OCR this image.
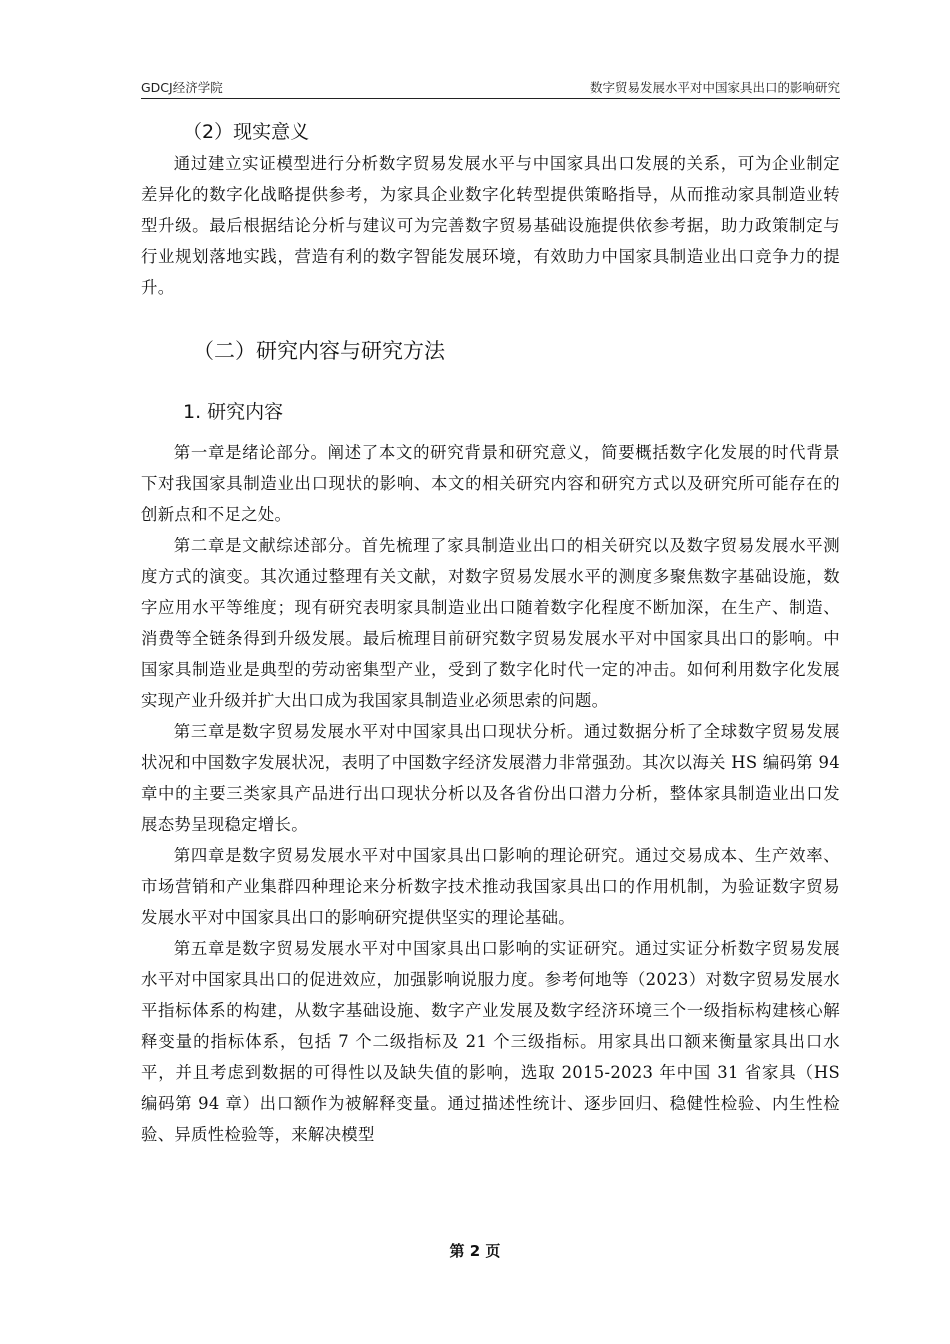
GDCJ经济学院	数字贸易发展水平对中国家具出口的影响研究
（2）现实意义

通过建立实证模型进行分析数字贸易发展水平与中国家具出口发展的关系，可为企业制定差异化的数字化战略提供参考，为家具企业数字化转型提供策略指导，从而推动家具制造业转型升级。最后根据结论分析与建议可为完善数字贸易基础设施提供依参考据，助力政策制定与行业规划落地实践，营造有利的数字智能发展环境，有效助力中国家具制造业出口竞争力的提升。

（二）研究内容与研究方法
1. 研究内容

第一章是绪论部分。阐述了本文的研究背景和研究意义，简要概括数字化发展的时代背景下对我国家具制造业出口现状的影响、本文的相关研究内容和研究方式以及研究所可能存在的创新点和不足之处。

第二章是文献综述部分。首先梳理了家具制造业出口的相关研究以及数字贸易发展水平测度方式的演变。其次通过整理有关文献，对数字贸易发展水平的测度多聚焦数字基础设施，数字应用水平等维度；现有研究表明家具制造业出口随着数字化程度不断加深，在生产、制造、消费等全链条得到升级发展。最后梳理目前研究数字贸易发展水平对中国家具出口的影响。中国家具制造业是典型的劳动密集型产业，受到了数字化时代一定的冲击。如何利用数字化发展实现产业升级并扩大出口成为我国家具制造业必须思索的问题。

第三章是数字贸易发展水平对中国家具出口现状分析。通过数据分析了全球数字贸易发展状况和中国数字发展状况，表明了中国数字经济发展潜力非常强劲。其次以海关 HS 编码第 94 章中的主要三类家具产品进行出口现状分析以及各省份出口潜力分析，整体家具制造业出口发展态势呈现稳定增长。

第四章是数字贸易发展水平对中国家具出口影响的理论研究。通过交易成本、生产效率、市场营销和产业集群四种理论来分析数字技术推动我国家具出口的作用机制，为验证数字贸易发展水平对中国家具出口的影响研究提供坚实的理论基础。

第五章是数字贸易发展水平对中国家具出口影响的实证研究。通过实证分析数字贸易发展水平对中国家具出口的促进效应，加强影响说服力度。参考何地等（2023）对数字贸易发展水平指标体系的构建，从数字基础设施、数字产业发展及数字经济环境三个一级指标构建核心解释变量的指标体系，包括 7 个二级指标及 21 个三级指标。用家具出口额来衡量家具出口水平，并且考虑到数据的可得性以及缺失值的影响，选取 2015-2023 年中国 31 省家具（HS 编码第 94 章）出口额作为被解释变量。通过描述性统计、逐步回归、稳健性检验、内生性检验、异质性检验等，来解决模型

第 2 页
